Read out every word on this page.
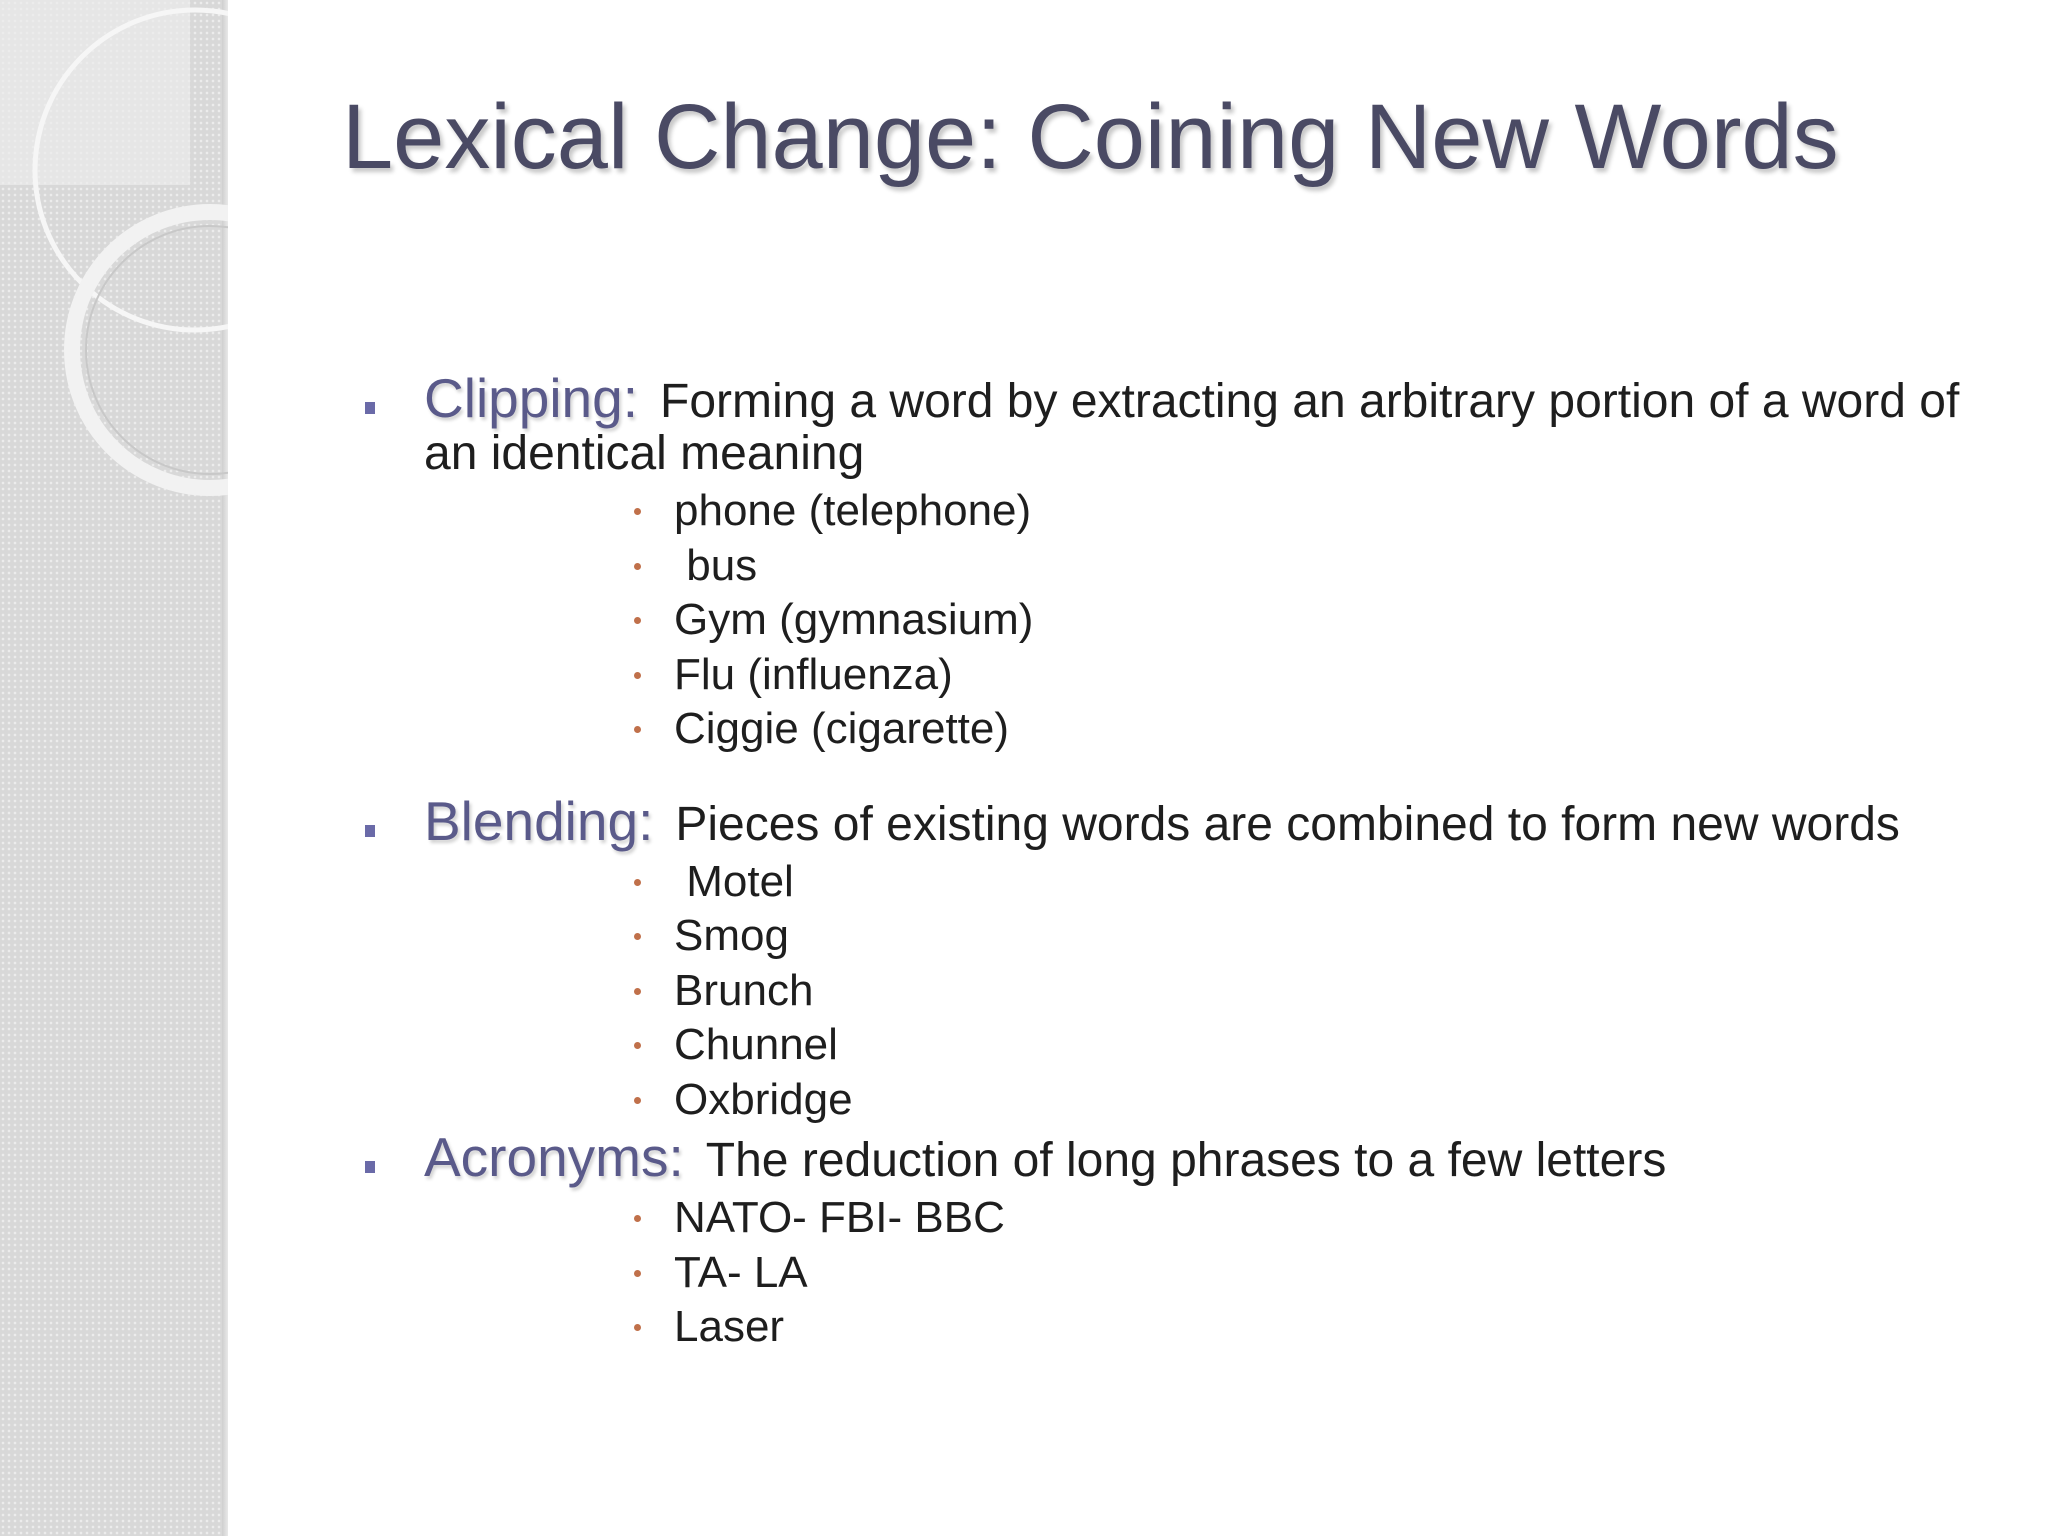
Lexical Change: Coining New Words

Clipping: Forming a word by extracting an arbitrary portion of a word of an identical meaning

phone (telephone)
bus
Gym (gymnasium)
Flu (influenza)
Ciggie (cigarette)

Blending: Pieces of existing words are combined to form new words

Motel
Smog
Brunch
Chunnel
Oxbridge

Acronyms: The reduction of long phrases to a few letters

NATO- FBI- BBC
TA- LA
Laser
